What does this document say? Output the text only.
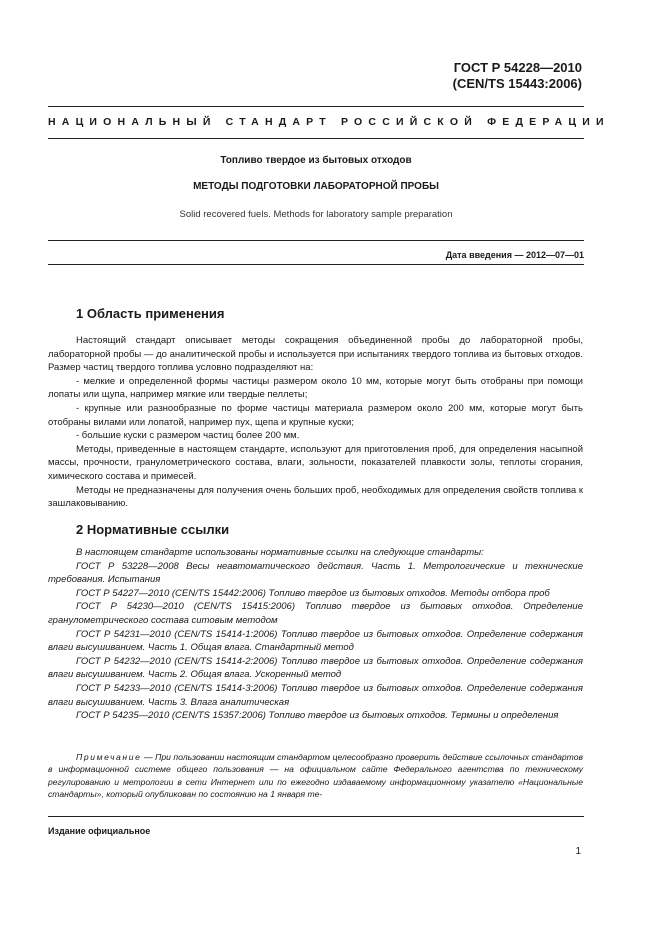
ГОСТ Р 54228—2010
(CEN/TS 15443:2006)
НАЦИОНАЛЬНЫЙ СТАНДАРТ РОССИЙСКОЙ ФЕДЕРАЦИИ
Топливо твердое из бытовых отходов
МЕТОДЫ ПОДГОТОВКИ ЛАБОРАТОРНОЙ ПРОБЫ
Solid recovered fuels. Methods for laboratory sample preparation
Дата введения — 2012—07—01
1 Область применения

Настоящий стандарт описывает методы сокращения объединенной пробы до лабораторной пробы, лабораторной пробы — до аналитической пробы и используется при испытаниях твердого топлива из бытовых отходов. Размер частиц твердого топлива условно подразделяют на:

- мелкие и определенной формы частицы размером около 10 мм, которые могут быть отобраны при помощи лопаты или щупа, например мягкие или твердые пеллеты;

- крупные или разнообразные по форме частицы материала размером около 200 мм, которые могут быть отобраны вилами или лопатой, например пух, щепа и крупные куски;

- большие куски с размером частиц более 200 мм.

Методы, приведенные в настоящем стандарте, используют для приготовления проб, для определения насыпной массы, прочности, гранулометрического состава, влаги, зольности, показателей плавкости золы, теплоты сгорания, химического состава и примесей.

Методы не предназначены для получения очень больших проб, необходимых для определения свойств топлива к зашлаковыванию.

2 Нормативные ссылки

В настоящем стандарте использованы нормативные ссылки на следующие стандарты:

ГОСТ Р 53228—2008 Весы неавтоматического действия. Часть 1. Метрологические и технические требования. Испытания

ГОСТ Р 54227—2010 (CEN/TS 15442:2006) Топливо твердое из бытовых отходов. Методы отбора проб

ГОСТ Р 54230—2010 (CEN/TS 15415:2006) Топливо твердое из бытовых отходов. Определение гранулометрического состава ситовым методом

ГОСТ Р 54231—2010 (CEN/TS 15414-1:2006) Топливо твердое из бытовых отходов. Определение содержания влаги высушиванием. Часть 1. Общая влага. Стандартный метод

ГОСТ Р 54232—2010 (CEN/TS 15414-2:2006) Топливо твердое из бытовых отходов. Определение содержания влаги высушиванием. Часть 2. Общая влага. Ускоренный метод

ГОСТ Р 54233—2010 (CEN/TS 15414-3:2006) Топливо твердое из бытовых отходов. Определение содержания влаги высушиванием. Часть 3. Влага аналитическая

ГОСТ Р 54235—2010 (CEN/TS 15357:2006) Топливо твердое из бытовых отходов. Термины и определения

Примечание — При пользовании настоящим стандартом целесообразно проверить действие ссылочных стандартов в информационной системе общего пользования — на официальном сайте Федерального агентства по техническому регулированию и метрологии в сети Интернет или по ежегодно издаваемому информационному указателю «Национальные стандарты», который опубликован по состоянию на 1 января те-

Издание официальное
1
